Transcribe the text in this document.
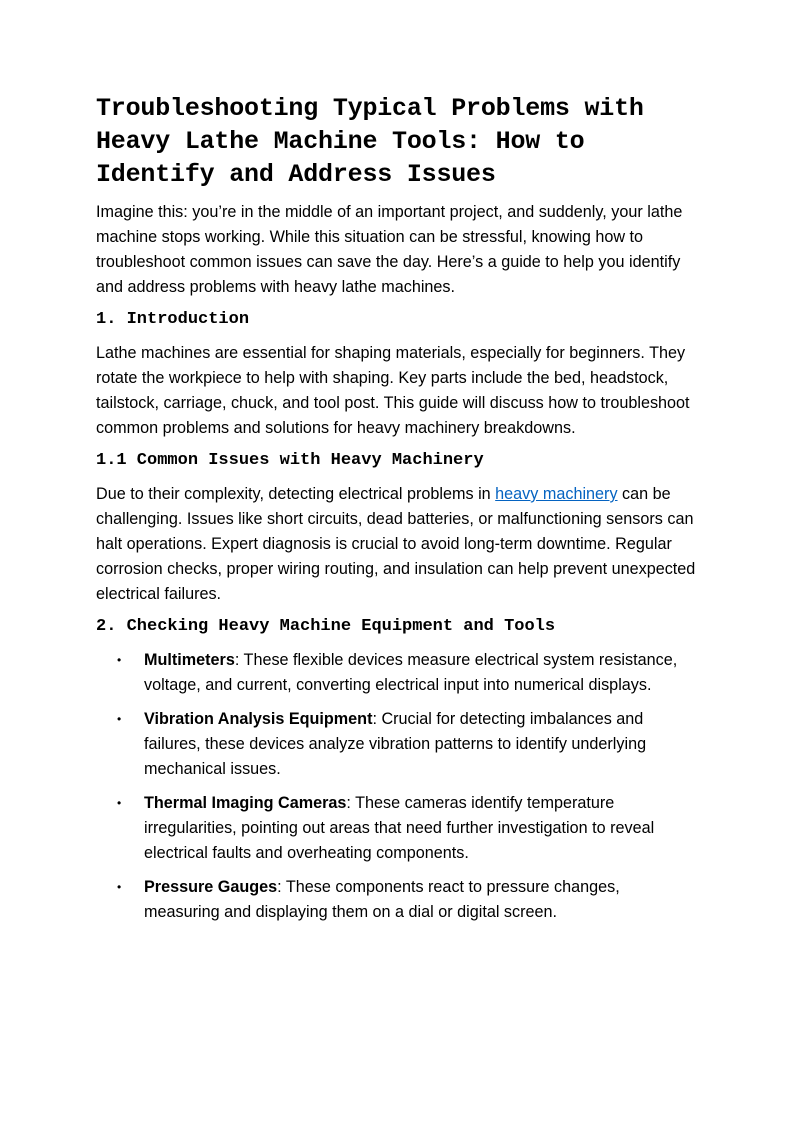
Troubleshooting Typical Problems with Heavy Lathe Machine Tools: How to Identify and Address Issues

Imagine this: you’re in the middle of an important project, and suddenly, your lathe machine stops working. While this situation can be stressful, knowing how to troubleshoot common issues can save the day. Here’s a guide to help you identify and address problems with heavy lathe machines.

1. Introduction

Lathe machines are essential for shaping materials, especially for beginners. They rotate the workpiece to help with shaping. Key parts include the bed, headstock, tailstock, carriage, chuck, and tool post. This guide will discuss how to troubleshoot common problems and solutions for heavy machinery breakdowns.

1.1 Common Issues with Heavy Machinery

Due to their complexity, detecting electrical problems in heavy machinery can be challenging. Issues like short circuits, dead batteries, or malfunctioning sensors can halt operations. Expert diagnosis is crucial to avoid long-term downtime. Regular corrosion checks, proper wiring routing, and insulation can help prevent unexpected electrical failures.

2. Checking Heavy Machine Equipment and Tools
• Multimeters: These flexible devices measure electrical system resistance, voltage, and current, converting electrical input into numerical displays.
• Vibration Analysis Equipment: Crucial for detecting imbalances and failures, these devices analyze vibration patterns to identify underlying mechanical issues.
• Thermal Imaging Cameras: These cameras identify temperature irregularities, pointing out areas that need further investigation to reveal electrical faults and overheating components.
• Pressure Gauges: These components react to pressure changes, measuring and displaying them on a dial or digital screen.
